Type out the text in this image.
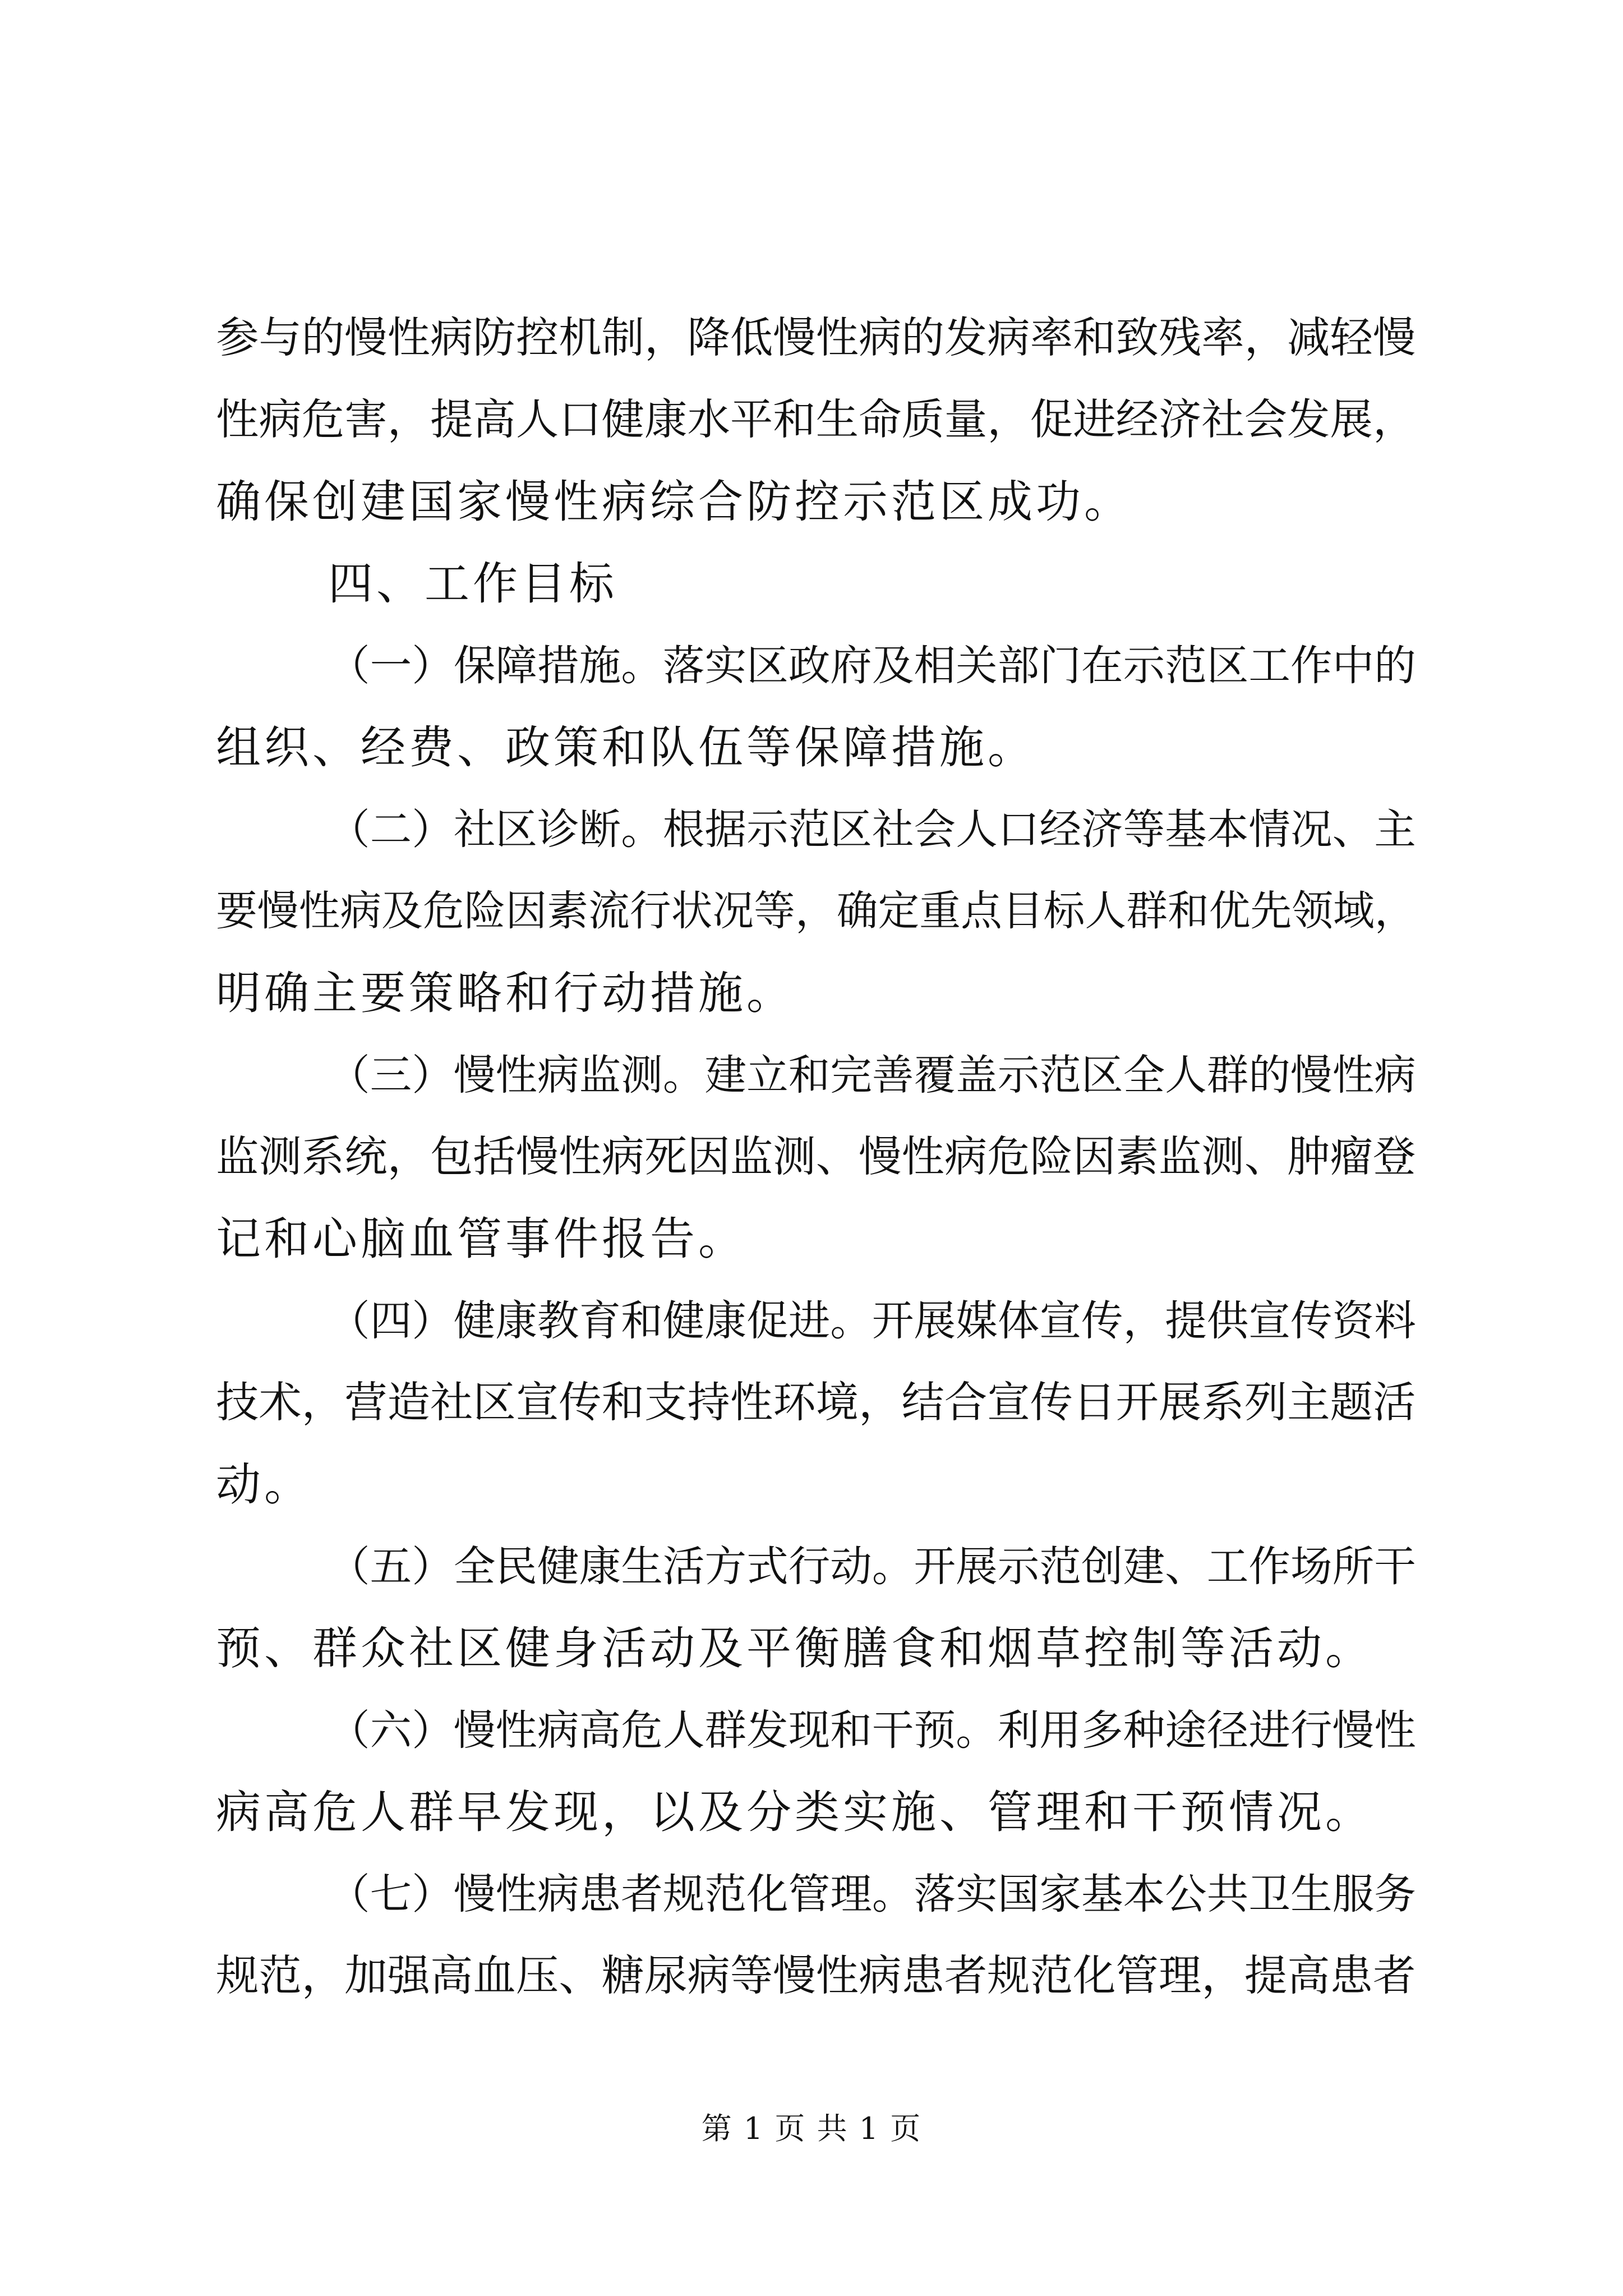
参与的慢性病防控机制，降低慢性病的发病率和致残率，减轻慢
性病危害，提高人口健康水平和生命质量，促进经济社会发展，
确保创建国家慢性病综合防控示范区成功。
四、工作目标
（一）保障措施。落实区政府及相关部门在示范区工作中的
组织、经费、政策和队伍等保障措施。
（二）社区诊断。根据示范区社会人口经济等基本情况、主
要慢性病及危险因素流行状况等，确定重点目标人群和优先领域，
明确主要策略和行动措施。
（三）慢性病监测。建立和完善覆盖示范区全人群的慢性病
监测系统，包括慢性病死因监测、慢性病危险因素监测、肿瘤登
记和心脑血管事件报告。
（四）健康教育和健康促进。开展媒体宣传，提供宣传资料
技术，营造社区宣传和支持性环境，结合宣传日开展系列主题活
动。
（五）全民健康生活方式行动。开展示范创建、工作场所干
预、群众社区健身活动及平衡膳食和烟草控制等活动。
（六）慢性病高危人群发现和干预。利用多种途径进行慢性
病高危人群早发现，以及分类实施、管理和干预情况。
（七）慢性病患者规范化管理。落实国家基本公共卫生服务
规范，加强高血压、糖尿病等慢性病患者规范化管理，提高患者
第 1 页 共 1 页
